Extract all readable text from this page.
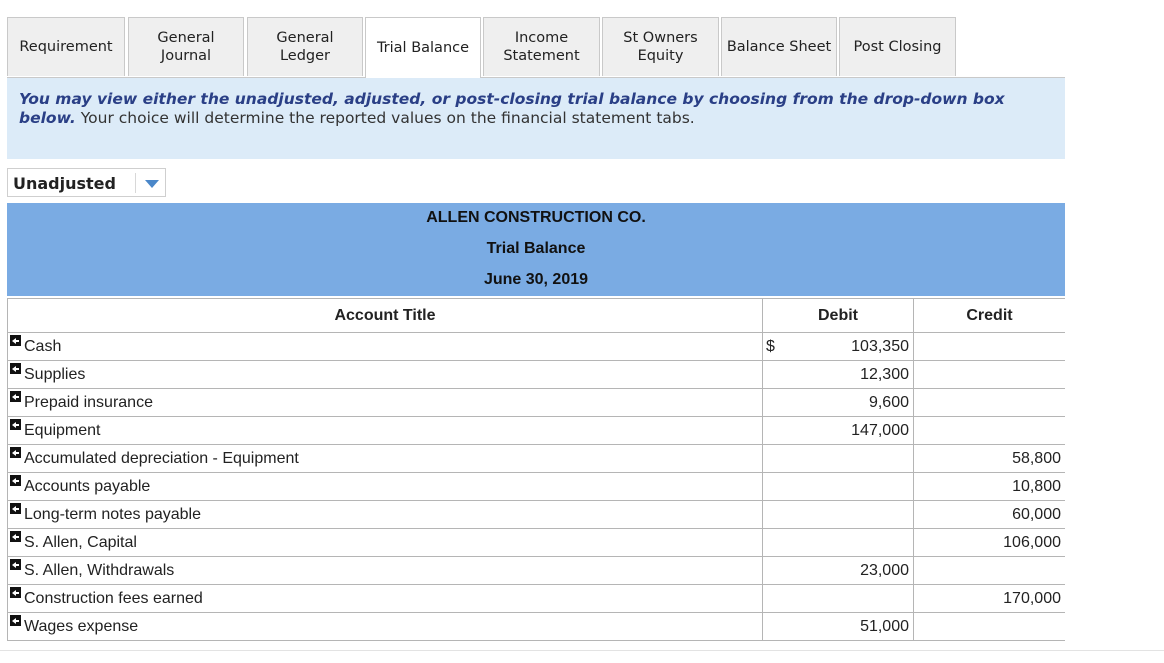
Requirement
General
Journal
General
Ledger	Trial Balance
Income
Statement
St Owners
Equity
Balance Sheet Post Closing
You may view either the unadjusted, adjusted, or post-closing trial balance by choosing from the drop-down box below. Your choice will determine the reported values on the financial statement tabs.
Unadjusted
ALLEN CONSTRUCTION CO.
Trial Balance
June 30, 2019
Account Title	Debit	Credit

Cash	$ 103,350	

Supplies	12,300	

Prepaid insurance	9,600	

Equipment	147,000	

Accumulated depreciation - Equipment		58,800

Accounts payable		10,800

Long-term notes payable		60,000

S. Allen, Capital		106,000

S. Allen, Withdrawals	23,000	

Construction fees earned		170,000

Wages expense	51,000	
